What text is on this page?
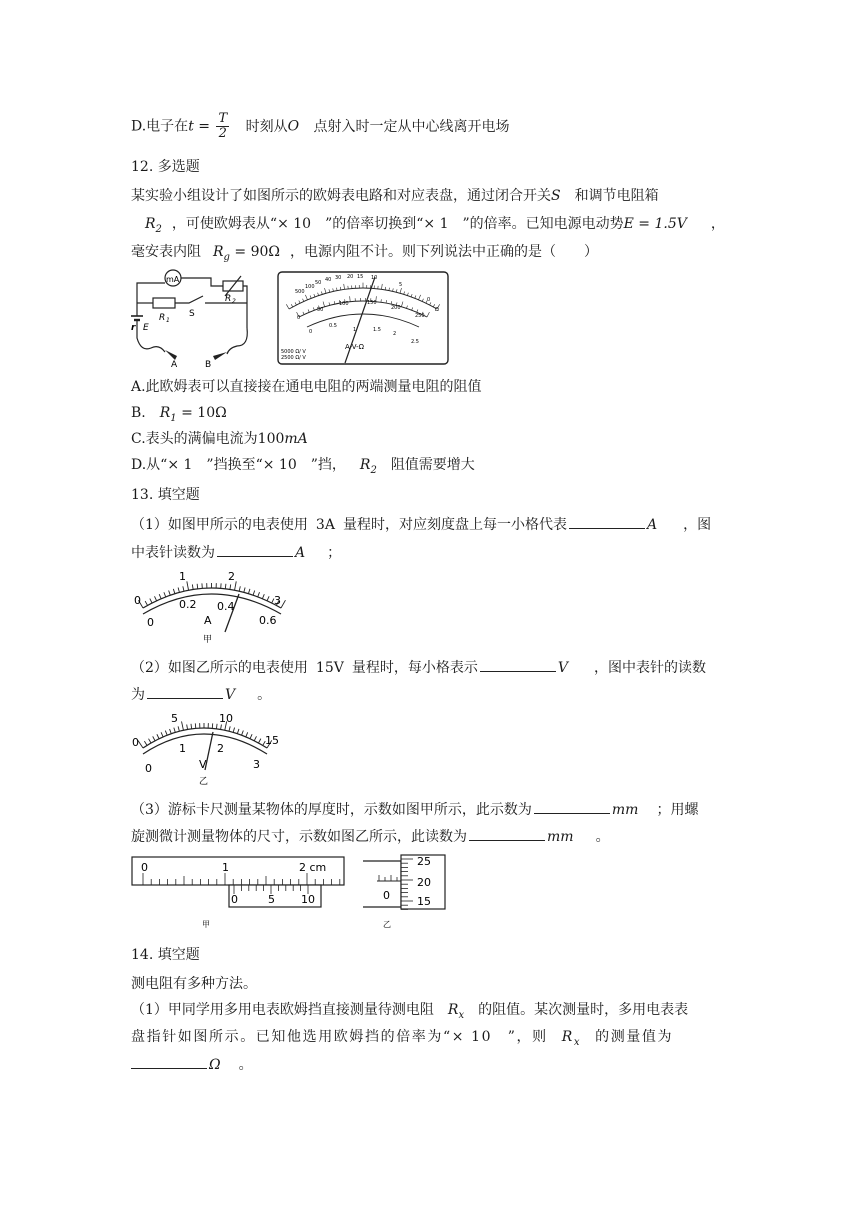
D.电子在$t = \frac{T}{2}$ 时刻从O 点射入时一定从中心线离开电场
12. 多选题
某实验小组设计了如图所示的欧姆表电路和对应表盘，通过闭合开关S 和调节电阻箱
$R_2$ ，可使欧姆表从“× 10　”的倍率切换到“× 1　”的倍率。已知电源电动势E = 1.5V ，
毫安表内阻 $R_g = 90\Omega$ ，电源内阻不计。则下列说法中正确的是（　　）
mA
R 2
R 1
S
r E
A	B
500
100
50 40 30 20 15 10
5
0
Ω
0
50
100	150
200
250
0
0.5
1	1.5
2
2.5
A-V-Ω
5000 Ω/ V
2500 Ω/ V
A.此欧姆表可以直接接在通电电阻的两端测量电阻的阻值
B. $R_1 = 10\Omega$
C.表头的满偏电流为100mA
D.从“× 1　”挡换至“× 10　”挡， $R_2$ 阻值需要增大
13. 填空题
（1）如图甲所示的电表使用 3A 量程时，对应刻度盘上每一小格代表	A ，图
中表针读数为	A ；
0
1	2
3
0
0.2 0.4
0.6
A
甲
（2）如图乙所示的电表使用 15V 量程时，每小格表示	V ，图中表针的读数
为	V 。
0
5	10
15
0
1	2
3
V
乙
（3）游标卡尺测量某物体的厚度时，示数如图甲所示，此示数为	mm ；用螺
旋测微计测量物体的尺寸，示数如图乙所示，此读数为	mm 。
0	1	2 cm
0	5 10
甲
0
25
20
15
乙
14. 填空题
测电阻有多种方法。
（1）甲同学用多用电表欧姆挡直接测量待测电阻 $R_x$ 的阻值。某次测量时，多用电表表
盘指针如图所示。已知他选用欧姆挡的倍率为“× 10　”，则 $R_x$ 的测量值为
Ω 。
